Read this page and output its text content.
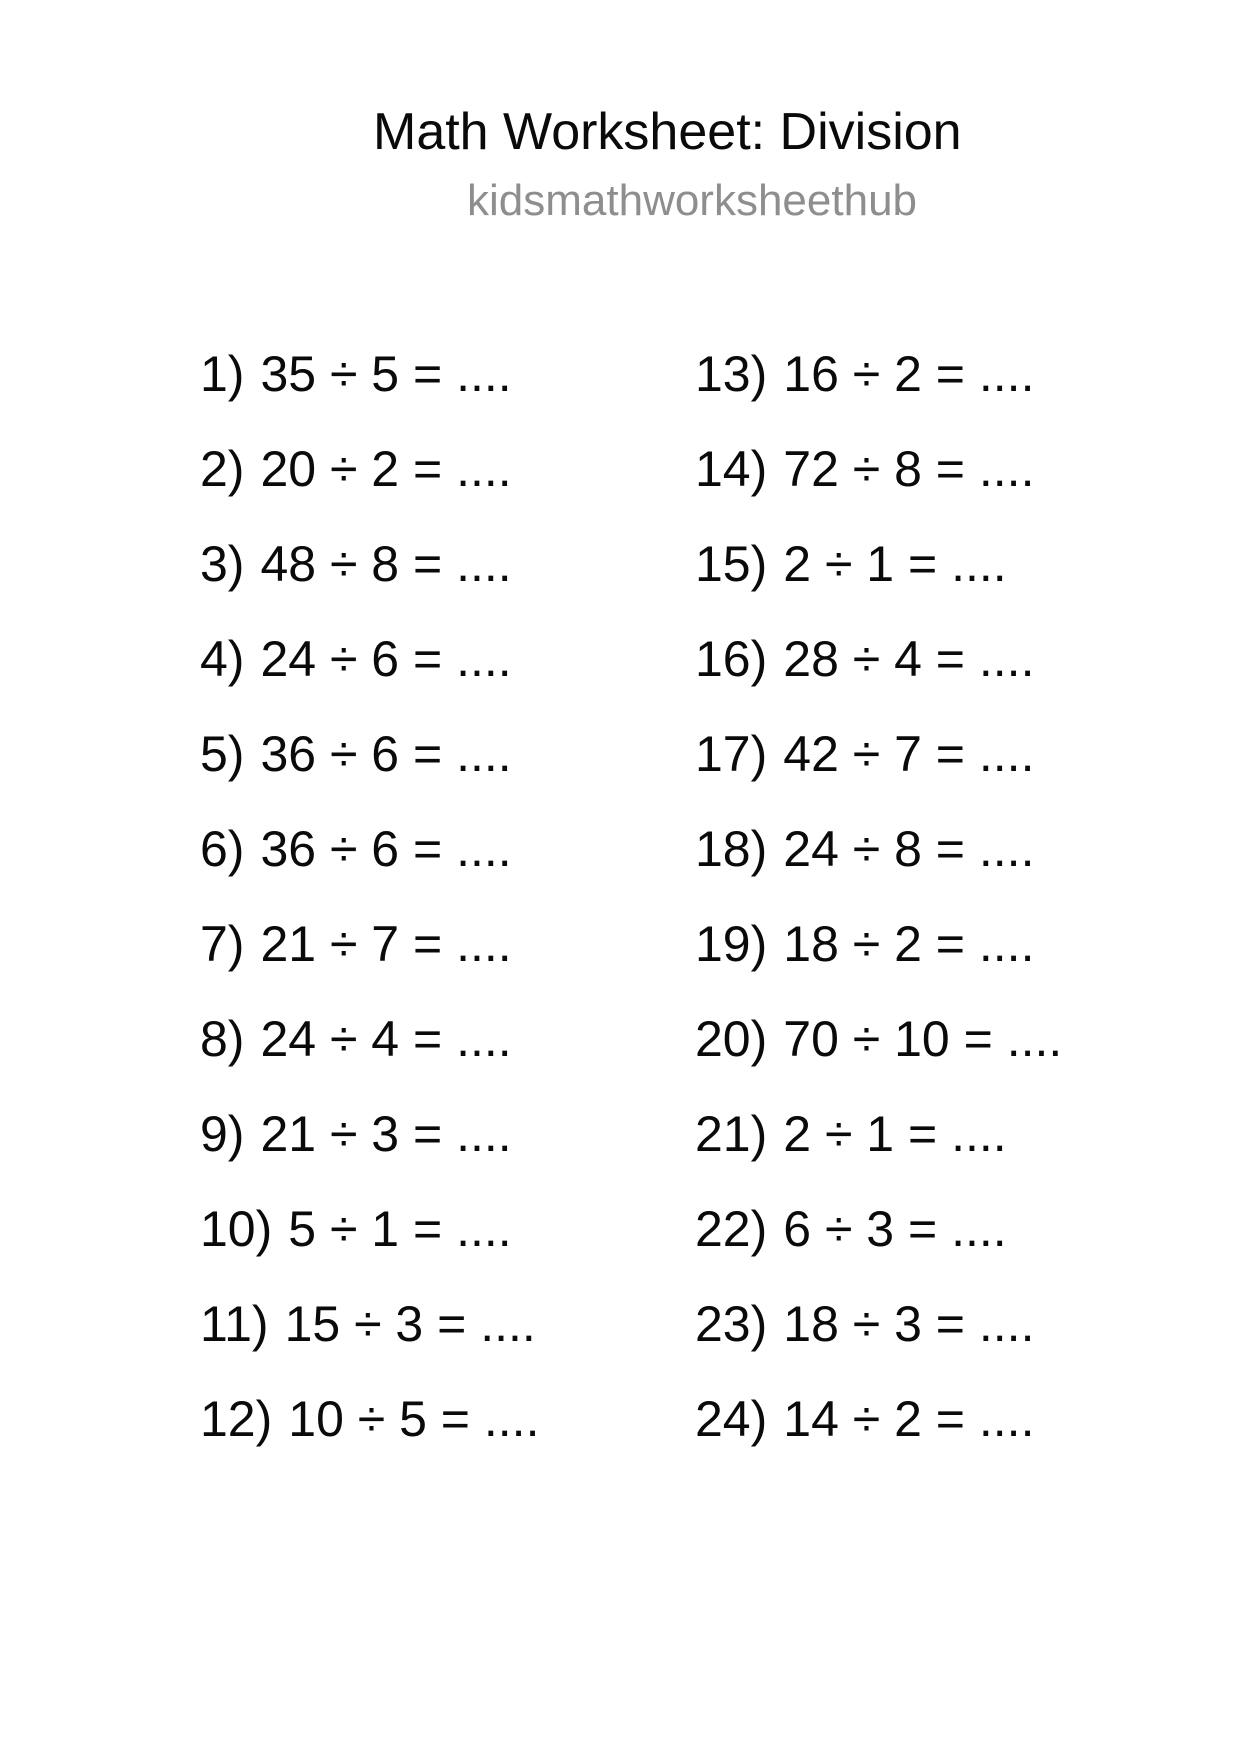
Math Worksheet: Division
kidsmathworksheethub
1) 35 ÷ 5 = ....
2) 20 ÷ 2 = ....
3) 48 ÷ 8 = ....
4) 24 ÷ 6 = ....
5) 36 ÷ 6 = ....
6) 36 ÷ 6 = ....
7) 21 ÷ 7 = ....
8) 24 ÷ 4 = ....
9) 21 ÷ 3 = ....
10) 5 ÷ 1 = ....
11) 15 ÷ 3 = ....
12) 10 ÷ 5 = ....
13) 16 ÷ 2 = ....
14) 72 ÷ 8 = ....
15) 2 ÷ 1 = ....
16) 28 ÷ 4 = ....
17) 42 ÷ 7 = ....
18) 24 ÷ 8 = ....
19) 18 ÷ 2 = ....
20) 70 ÷ 10 = ....
21) 2 ÷ 1 = ....
22) 6 ÷ 3 = ....
23) 18 ÷ 3 = ....
24) 14 ÷ 2 = ....
